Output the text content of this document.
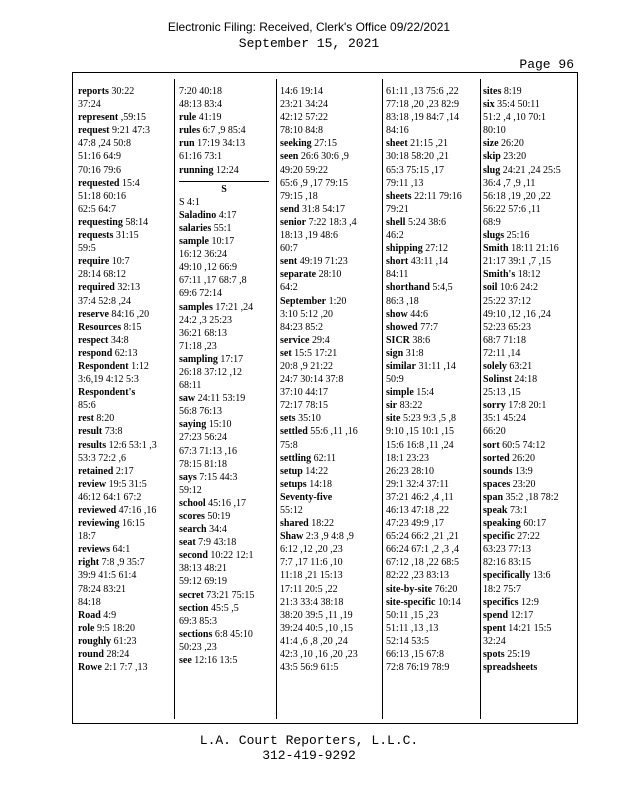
Electronic Filing: Received, Clerk's Office 09/22/2021
September 15, 2021
Page 96
reports 30:22
37:24
represent ,59:15
request 9:21 47:3
47:8 ,24 50:8
51:16 64:9
70:16 79:6
requested 15:4
51:18 60:16
62:5 64:7
requesting 58:14
requests 31:15
59:5
require 10:7
28:14 68:12
required 32:13
37:4 52:8 ,24
reserve 84:16 ,20
Resources 8:15
respect 34:8
respond 62:13
Respondent 1:12
3:6,19 4:12 5:3
Respondent's
85:6
rest 8:20
result 73:8
results 12:6 53:1 ,3
53:3 72:2 ,6
retained 2:17
review 19:5 31:5
46:12 64:1 67:2
reviewed 47:16 ,16
reviewing 16:15
18:7
reviews 64:1
right 7:8 ,9 35:7
39:9 41:5 61:4
78:24 83:21
84:18
Road 4:9
role 9:5 18:20
roughly 61:23
round 28:24
Rowe 2:1 7:7 ,13
7:20 40:18
48:13 83:4
rule 41:19
rules 6:7 ,9 85:4
run 17:19 34:13
61:16 73:1
running 12:24
S
S 4:1
Saladino 4:17
salaries 55:1
sample 10:17
16:12 36:24
49:10 ,12 66:9
67:11 ,17 68:7 ,8
69:6 72:14
samples 17:21 ,24
24:2 ,3 25:23
36:21 68:13
71:18 ,23
sampling 17:17
26:18 37:12 ,12
68:11
saw 24:11 53:19
56:8 76:13
saying 15:10
27:23 56:24
67:3 71:13 ,16
78:15 81:18
says 7:15 44:3
59:12
school 45:16 ,17
scores 50:19
search 34:4
seat 7:9 43:18
second 10:22 12:1
38:13 48:21
59:12 69:19
secret 73:21 75:15
section 45:5 ,5
69:3 85:3
sections 6:8 45:10
50:23 ,23
see 12:16 13:5
14:6 19:14
23:21 34:24
42:12 57:22
78:10 84:8
seeking 27:15
seen 26:6 30:6 ,9
49:20 59:22
65:6 ,9 ,17 79:15
79:15 ,18
send 31:8 54:17
senior 7:22 18:3 ,4
18:13 ,19 48:6
60:7
sent 49:19 71:23
separate 28:10
64:2
September 1:20
3:10 5:12 ,20
84:23 85:2
service 29:4
set 15:5 17:21
20:8 ,9 21:22
24:7 30:14 37:8
37:10 44:17
72:17 78:15
sets 35:10
settled 55:6 ,11 ,16
75:8
settling 62:11
setup 14:22
setups 14:18
Seventy-five
55:12
shared 18:22
Shaw 2:3 ,9 4:8 ,9
6:12 ,12 ,20 ,23
7:7 ,17 11:6 ,10
11:18 ,21 15:13
17:11 20:5 ,22
21:3 33:4 38:18
38:20 39:5 ,11 ,19
39:24 40:5 ,10 ,15
41:4 ,6 ,8 ,20 ,24
42:3 ,10 ,16 ,20 ,23
43:5 56:9 61:5
61:11 ,13 75:6 ,22
77:18 ,20 ,23 82:9
83:18 ,19 84:7 ,14
84:16
sheet 21:15 ,21
30:18 58:20 ,21
65:3 75:15 ,17
79:11 ,13
sheets 22:11 79:16
79:21
shell 5:24 38:6
46:2
shipping 27:12
short 43:11 ,14
84:11
shorthand 5:4,5
86:3 ,18
show 44:6
showed 77:7
SICR 38:6
sign 31:8
similar 31:11 ,14
50:9
simple 15:4
sir 83:22
site 5:23 9:3 ,5 ,8
9:10 ,15 10:1 ,15
15:6 16:8 ,11 ,24
18:1 23:23
26:23 28:10
29:1 32:4 37:11
37:21 46:2 ,4 ,11
46:13 47:18 ,22
47:23 49:9 ,17
65:24 66:2 ,21 ,21
66:24 67:1 ,2 ,3 ,4
67:12 ,18 ,22 68:5
82:22 ,23 83:13
site-by-site 76:20
site-specific 10:14
50:11 ,15 ,23
51:11 ,13 ,13
52:14 53:5
66:13 ,15 67:8
72:8 76:19 78:9
sites 8:19
six 35:4 50:11
51:2 ,4 ,10 70:1
80:10
size 26:20
skip 23:20
slug 24:21 ,24 25:5
36:4 ,7 ,9 ,11
56:18 ,19 ,20 ,22
56:22 57:6 ,11
68:9
slugs 25:16
Smith 18:11 21:16
21:17 39:1 ,7 ,15
Smith's 18:12
soil 10:6 24:2
25:22 37:12
49:10 ,12 ,16 ,24
52:23 65:23
68:7 71:18
72:11 ,14
solely 63:21
Solinst 24:18
25:13 ,15
sorry 17:8 20:1
35:1 45:24
66:20
sort 60:5 74:12
sorted 26:20
sounds 13:9
spaces 23:20
span 35:2 ,18 78:2
speak 73:1
speaking 60:17
specific 27:22
63:23 77:13
82:16 83:15
specifically 13:6
18:2 75:7
specifics 12:9
spend 12:17
spent 14:21 15:5
32:24
spots 25:19
spreadsheets
L.A. Court Reporters, L.L.C.
312-419-9292
